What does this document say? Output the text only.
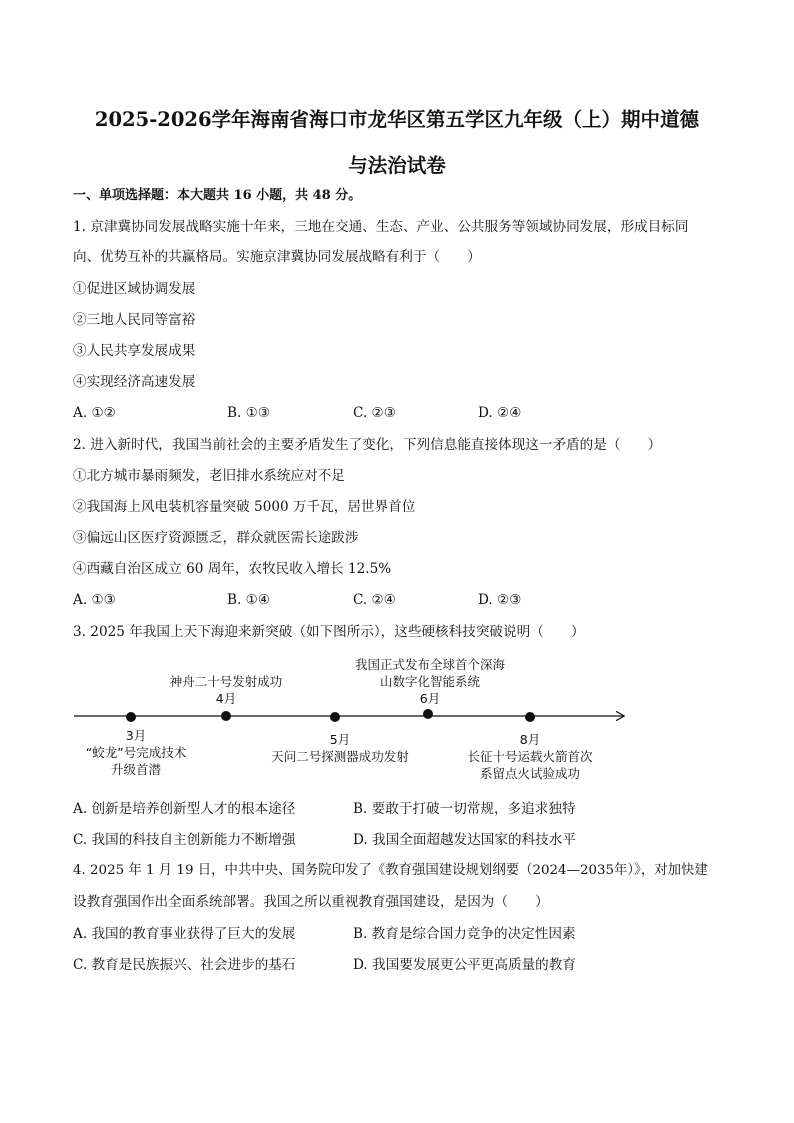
2025-2026学年海南省海口市龙华区第五学区九年级（上）期中道德
与法治试卷
一、单项选择题：本大题共 16 小题，共 48 分。
1. 京津冀协同发展战略实施十年来，三地在交通、生态、产业、公共服务等领域协同发展，形成目标同
向、优势互补的共赢格局。实施京津冀协同发展战略有利于（　　）
①促进区域协调发展
②三地人民同等富裕
③人民共享发展成果
④实现经济高速发展
A. ①②	B. ①③	C. ②③	D. ②④
2. 进入新时代，我国当前社会的主要矛盾发生了变化，下列信息能直接体现这一矛盾的是（　　）
①北方城市暴雨频发，老旧排水系统应对不足
②我国海上风电装机容量突破 5000 万千瓦，居世界首位
③偏远山区医疗资源匮乏，群众就医需长途跋涉
④西藏自治区成立 60 周年，农牧民收入增长 12.5%
A. ①③	B. ①④	C. ②④	D. ②③
3. 2025 年我国上天下海迎来新突破（如下图所示），这些硬核科技突破说明（　　）
神舟二十号发射成功
4月
我国正式发布全球首个深海
山数字化智能系统
6月
3月
“蛟龙”号完成技术
升级首潜
5月
天问二号探测器成功发射
8月
长征十号运载火箭首次
系留点火试验成功
A. 创新是培养创新型人才的根本途径	B. 要敢于打破一切常规，多追求独特
C. 我国的科技自主创新能力不断增强	D. 我国全面超越发达国家的科技水平
4. 2025 年 1 月 19 日，中共中央、国务院印发了《教育强国建设规划纲要（2024—2035年）》，对加快建
设教育强国作出全面系统部署。我国之所以重视教育强国建设，是因为（　　）
A. 我国的教育事业获得了巨大的发展	B. 教育是综合国力竞争的决定性因素
C. 教育是民族振兴、社会进步的基石	D. 我国要发展更公平更高质量的教育
